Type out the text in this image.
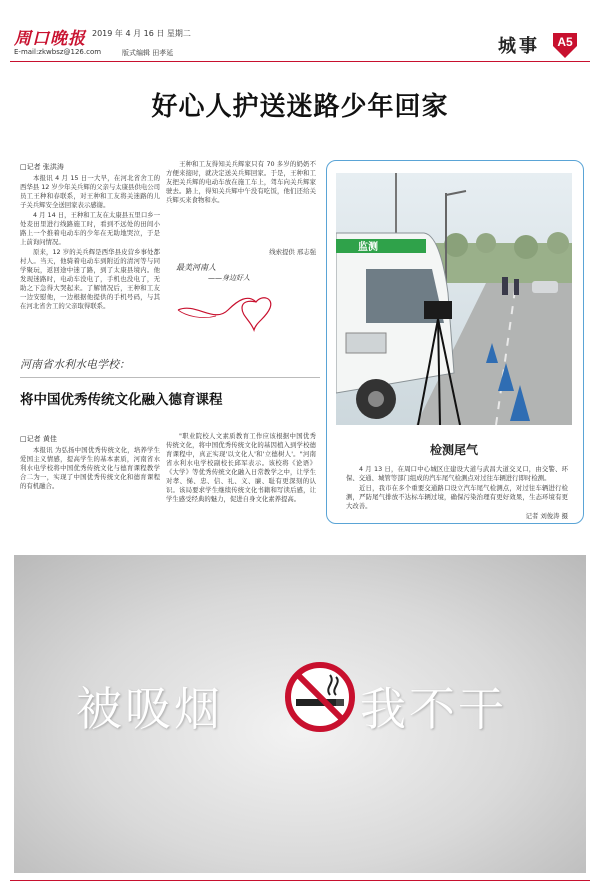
周口晚报 2019 年 4 月 16 日 星期二
E-mail:zkwbsz@126.com	版式编辑 田孝延	城事	A5
好心人护送迷路少年回家
□记者 张洪涛

本报讯 4 月 15 日一大早，在河北省舍工的西华县 12 岁少年关兵辉的父亲与太康县供电公司员工王种和春联系，对王种和工友将关迷路的儿子关兵辉安全送回家表示感谢。

4 月 14 日，王种和工友在太康县五里口乡一处麦田里进行线路施工时，看到不远处的田间小路上一个推着电动车的少年在无助地哭泣，于是上前询问情况。

原来，12 岁的关兵辉是西华县皮营乡事处都村人。当天，他骑着电动车到附近的清河等与同学聚玩，返回途中迷了路，到了太康县境内。他发现迷路时，电动车没电了，手机也没电了，无助之下急得大哭起来。了解情况后，王种和工友一边安慰他，一边根据他提供的手机号码，与其在河北省舍工的父亲取得联系。

王种和工友得知关兵辉家只有 70 多岁的奶奶不方便来接时，就决定送关兵辉回家。于是，王种和工友把关兵辉的电动车放在施工车上，驾车向关兵辉家驶去。路上，得知关兵辉中午没有吃饭，他们还给关兵辉买来食物和水。

线索提供 邢志强
最美河南人
——身边好人
河南省水利水电学校：
将中国优秀传统文化融入德育课程
□记者 黄佳

本报讯 为弘扬中国优秀传统文化，培养学生爱国主义情感，提高学生的基本素质，河南省水利水电学校将中国优秀传统文化与德育课程教学合二为一，实现了中国优秀传统文化和德育课程的有机融合。

"职业院校人文素质教育工作应该根据中国优秀传统文化，将中国优秀传统文化的基因植入到学校德育课程中，真正实现'以文化人'和'立德树人'。"河南省水利水电学校副校长邱军表示。该校将《论语》《大学》等优秀传统文化融入日常教学之中，让学生对孝、悌、忠、信、礼、义、廉、耻有更深刻的认识。该局要求学生继续传统文化书籍和写读后感，让学生感受经典的魅力，促进自身文化素养提高。

监测
检测尾气

4 月 13 日，在周口中心城区庄建设大道与武昌大道交叉口，由交警、环保、交通、城管等部门组成的汽车尾气检测点对过往车辆进行即时检测。

近日，我市在多个重要交通路口设立汽车尾气检测点，对过往车辆进行检测，严防尾气排放不达标车辆过境，确保污染治理有更好效果，生态环境有更大改善。

记者 刘俊涛 摄
被吸烟	我不干
